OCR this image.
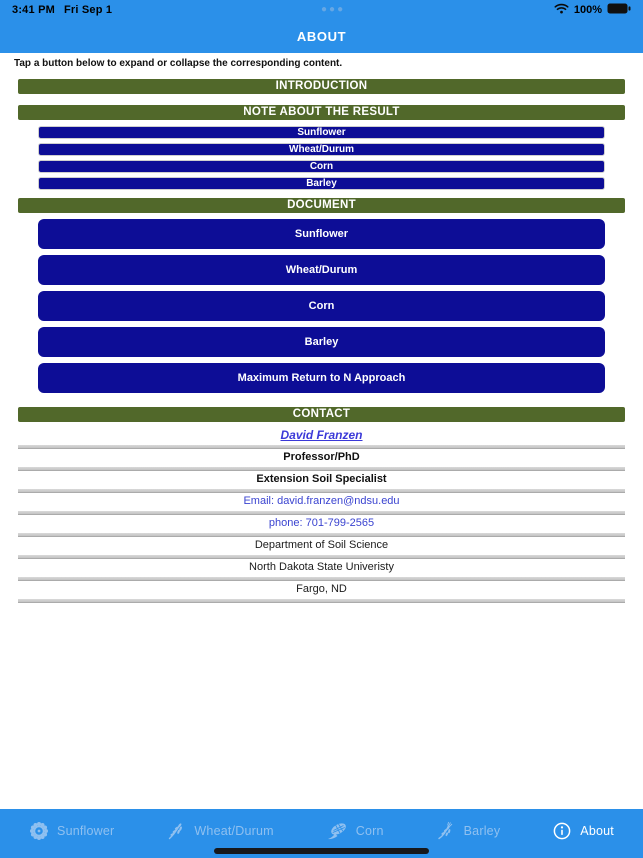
3:41 PM Fri Sep 1	●●●	100%
ABOUT
Tap a button below to expand or collapse the corresponding content.
INTRODUCTION
NOTE ABOUT THE RESULT
Sunflower
Wheat/Durum
Corn
Barley
DOCUMENT
Sunflower
Wheat/Durum
Corn
Barley
Maximum Return to N Approach
CONTACT
David Franzen
Professor/PhD
Extension Soil Specialist
Email: david.franzen@ndsu.edu
phone: 701-799-2565
Department of Soil Science
North Dakota State Univeristy
Fargo, ND
Sunflower	Wheat/Durum	Corn	Barley	About
